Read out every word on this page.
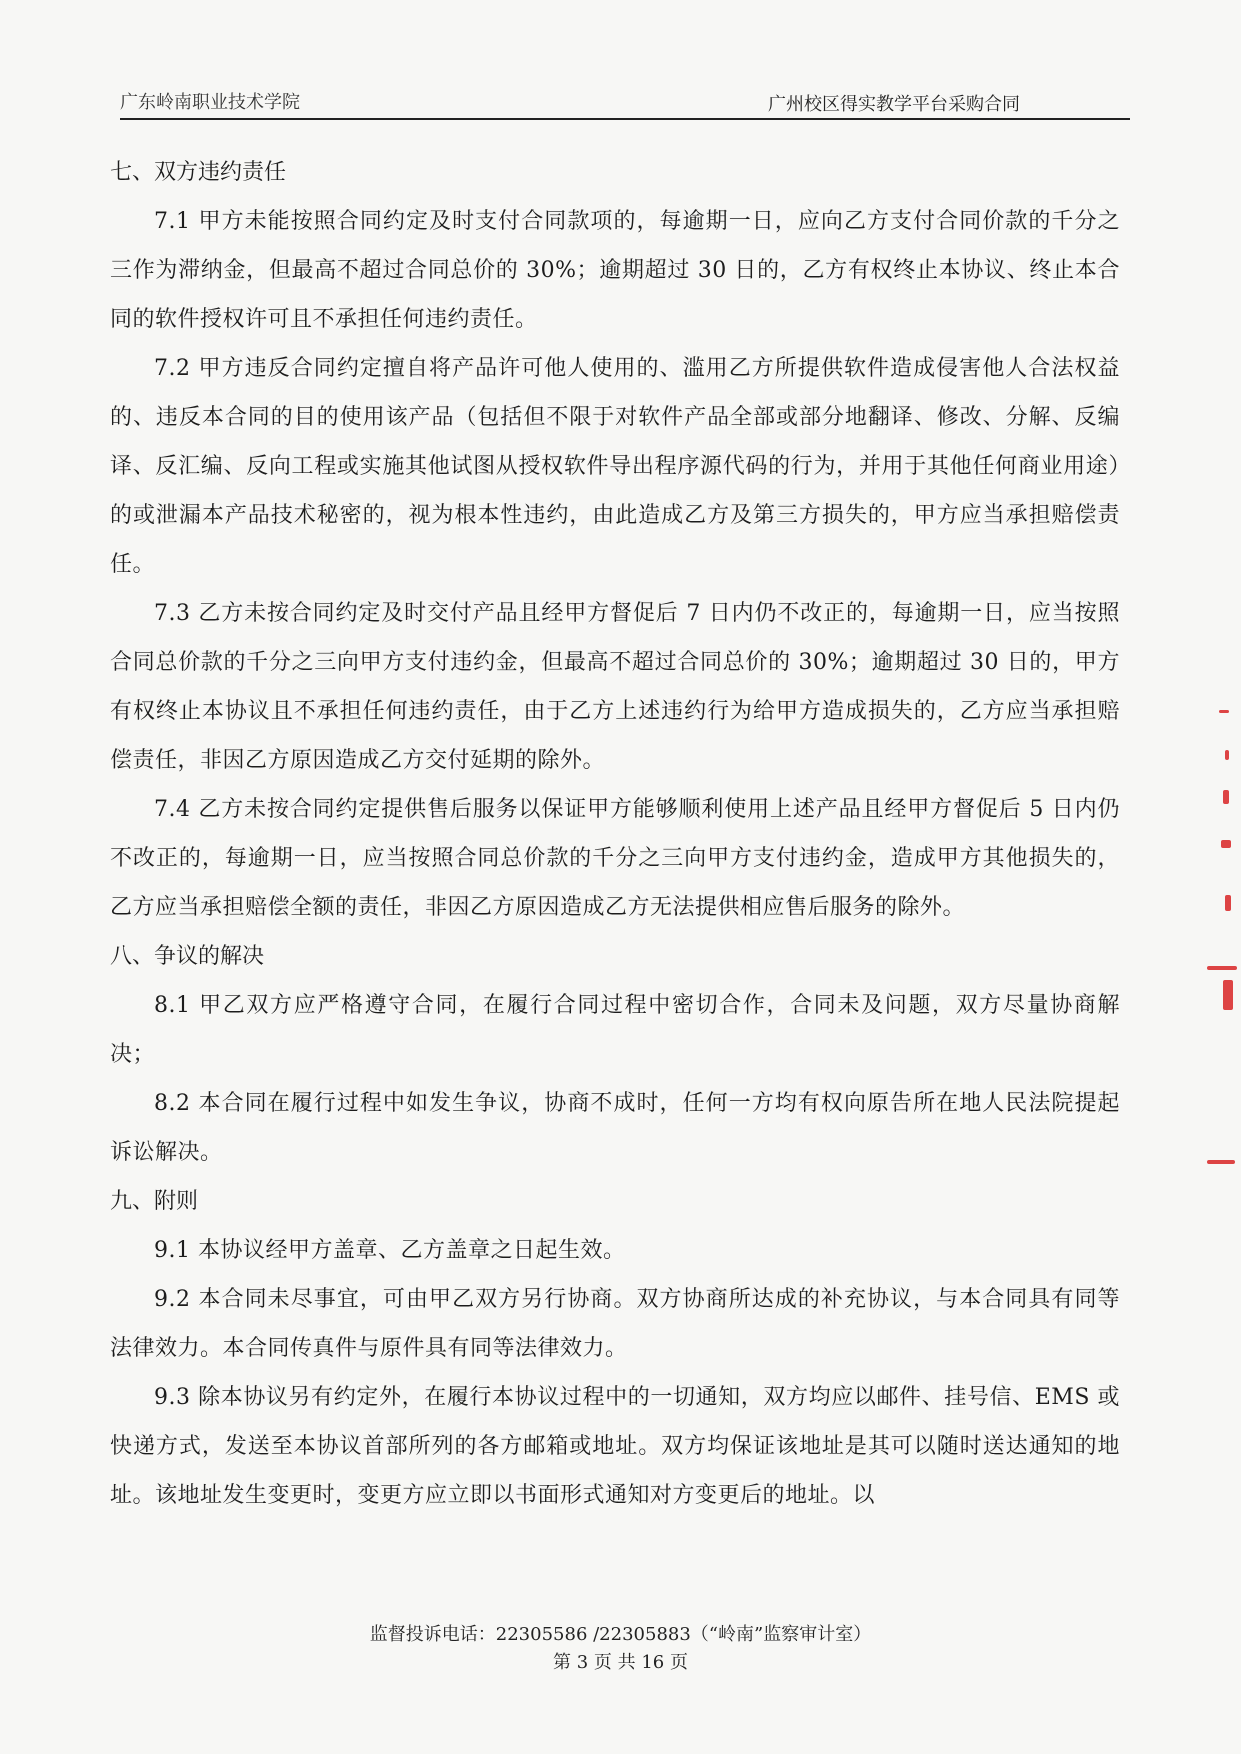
广东岭南职业技术学院	广州校区得实教学平台采购合同

七、双方违约责任

7.1 甲方未能按照合同约定及时支付合同款项的，每逾期一日，应向乙方支付合同价款的千分之三作为滞纳金，但最高不超过合同总价的 30%；逾期超过 30 日的，乙方有权终止本协议、终止本合同的软件授权许可且不承担任何违约责任。

7.2 甲方违反合同约定擅自将产品许可他人使用的、滥用乙方所提供软件造成侵害他人合法权益的、违反本合同的目的使用该产品（包括但不限于对软件产品全部或部分地翻译、修改、分解、反编译、反汇编、反向工程或实施其他试图从授权软件导出程序源代码的行为，并用于其他任何商业用途）的或泄漏本产品技术秘密的，视为根本性违约，由此造成乙方及第三方损失的，甲方应当承担赔偿责任。

7.3 乙方未按合同约定及时交付产品且经甲方督促后 7 日内仍不改正的，每逾期一日，应当按照合同总价款的千分之三向甲方支付违约金，但最高不超过合同总价的 30%；逾期超过 30 日的，甲方有权终止本协议且不承担任何违约责任，由于乙方上述违约行为给甲方造成损失的，乙方应当承担赔偿责任，非因乙方原因造成乙方交付延期的除外。

7.4 乙方未按合同约定提供售后服务以保证甲方能够顺利使用上述产品且经甲方督促后 5 日内仍不改正的，每逾期一日，应当按照合同总价款的千分之三向甲方支付违约金，造成甲方其他损失的，乙方应当承担赔偿全额的责任，非因乙方原因造成乙方无法提供相应售后服务的除外。

八、争议的解决

8.1 甲乙双方应严格遵守合同，在履行合同过程中密切合作，合同未及问题，双方尽量协商解决；

8.2 本合同在履行过程中如发生争议，协商不成时，任何一方均有权向原告所在地人民法院提起诉讼解决。

九、附则

9.1 本协议经甲方盖章、乙方盖章之日起生效。

9.2 本合同未尽事宜，可由甲乙双方另行协商。双方协商所达成的补充协议，与本合同具有同等法律效力。本合同传真件与原件具有同等法律效力。

9.3 除本协议另有约定外，在履行本协议过程中的一切通知，双方均应以邮件、挂号信、EMS 或快递方式，发送至本协议首部所列的各方邮箱或地址。双方均保证该地址是其可以随时送达通知的地址。该地址发生变更时，变更方应立即以书面形式通知对方变更后的地址。以

监督投诉电话：22305586 /22305883（“岭南”监察审计室）
第 3 页 共 16 页
